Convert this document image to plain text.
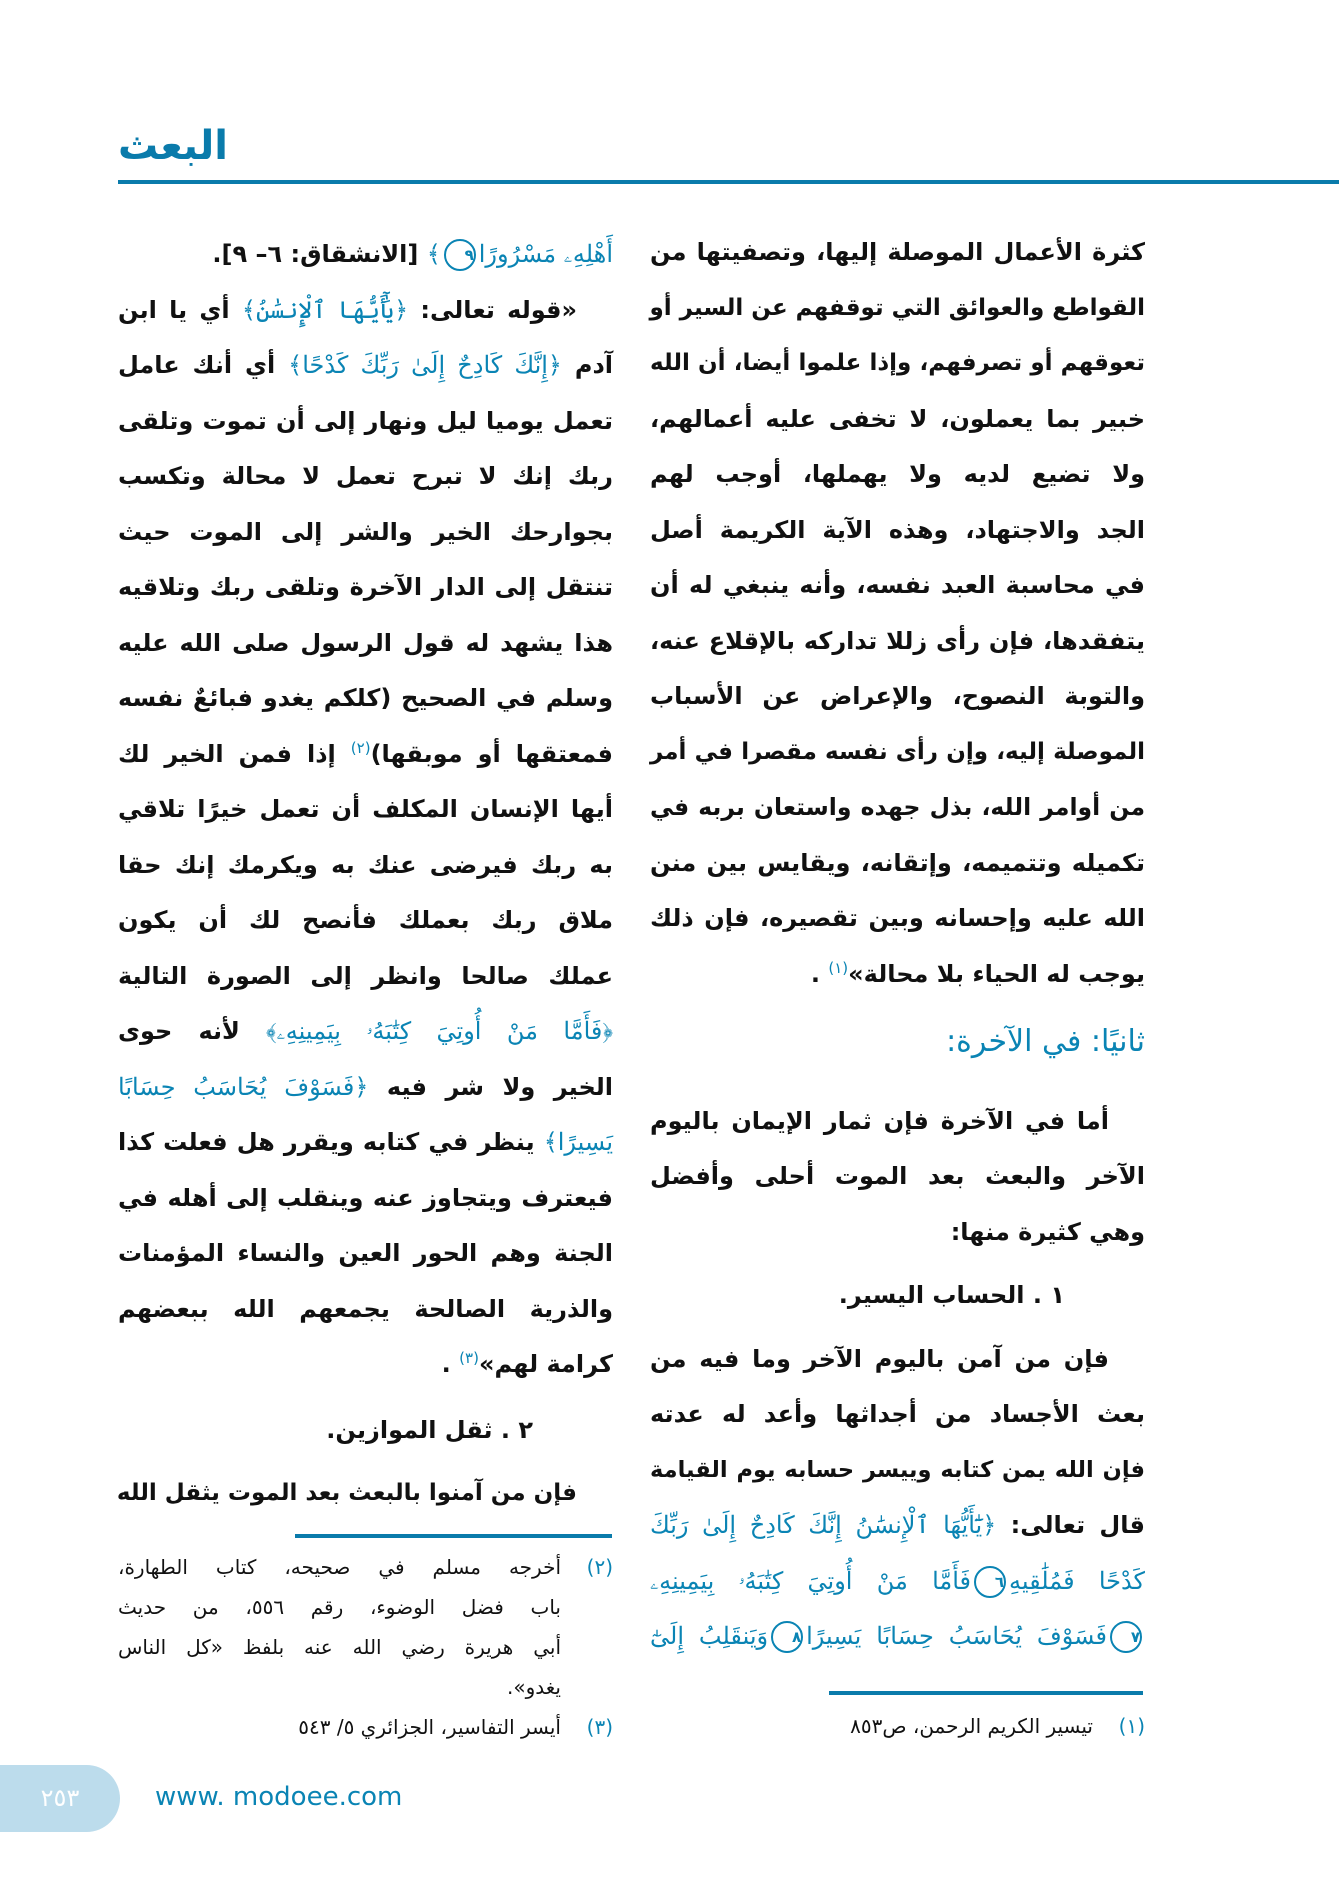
البعث
كثرة الأعمال الموصلة إليها، وتصفيتها من
القواطع والعوائق التي توقفهم عن السير أو
تعوقهم أو تصرفهم، وإذا علموا أيضا، أن الله
خبير بما يعملون، لا تخفى عليه أعمالهم،
ولا تضيع لديه ولا يهملها، أوجب لهم
الجد والاجتهاد، وهذه الآية الكريمة أصل
في محاسبة العبد نفسه، وأنه ينبغي له أن
يتفقدها، فإن رأى زللا تداركه بالإقلاع عنه،
والتوبة النصوح، والإعراض عن الأسباب
الموصلة إليه، وإن رأى نفسه مقصرا في أمر
من أوامر الله، بذل جهده واستعان بربه في
تكميله وتتميمه، وإتقانه، ويقايس بين منن
الله عليه وإحسانه وبين تقصيره، فإن ذلك
يوجب له الحياء بلا محالة»$^{(١)}$ .
ثانيًا: في الآخرة:
أما في الآخرة فإن ثمار الإيمان باليوم
الآخر والبعث بعد الموت أحلى وأفضل
وهي كثيرة منها:
١ . الحساب اليسير.
فإن من آمن باليوم الآخر وما فيه من
بعث الأجساد من أجداثها وأعد له عدته
فإن الله يمن كتابه وييسر حسابه يوم القيامة
قال تعالى: ﴿يَٰٓأَيُّهَا ٱلْإِنسَٰنُ إِنَّكَ كَادِحٌ إِلَىٰ رَبِّكَ
كَدْحًا فَمُلَٰقِيهِ٦فَأَمَّا مَنْ أُوتِيَ كِتَٰبَهُۥ بِيَمِينِهِۦ
٧فَسَوْفَ يُحَاسَبُ حِسَابًا يَسِيرًا٨وَيَنقَلِبُ إِلَىٰٓ
أَهْلِهِۦ مَسْرُورًا٩﴾ [الانشقاق: ٦– ٩].
«قوله تعالى: ﴿يَٰٓأَيُّهَا ٱلْإِنسَٰنُ﴾ أي يا ابن
آدم ﴿إِنَّكَ كَادِحٌ إِلَىٰ رَبِّكَ كَدْحًا﴾ أي أنك عامل
تعمل يوميا ليل ونهار إلى أن تموت وتلقى
ربك إنك لا تبرح تعمل لا محالة وتكسب
بجوارحك الخير والشر إلى الموت حيث
تنتقل إلى الدار الآخرة وتلقى ربك وتلاقيه
هذا يشهد له قول الرسول صلى الله عليه
وسلم في الصحيح (كلكم يغدو فبائعٌ نفسه
فمعتقها أو موبقها)$^{(٢)}$ إذا فمن الخير لك
أيها الإنسان المكلف أن تعمل خيرًا تلاقي
به ربك فيرضى عنك به ويكرمك إنك حقا
ملاق ربك بعملك فأنصح لك أن يكون
عملك صالحا وانظر إلى الصورة التالية
﴿فَأَمَّا مَنْ أُوتِيَ كِتَٰبَهُۥ بِيَمِينِهِۦ﴾ لأنه حوى
الخير ولا شر فيه ﴿فَسَوْفَ يُحَاسَبُ حِسَابًا
يَسِيرًا﴾ ينظر في كتابه ويقرر هل فعلت كذا
فيعترف ويتجاوز عنه وينقلب إلى أهله في
الجنة وهم الحور العين والنساء المؤمنات
والذرية الصالحة يجمعهم الله ببعضهم
كرامة لهم»$^{(٣)}$ .
٢ . ثقل الموازين.
فإن من آمنوا بالبعث بعد الموت يثقل الله
(١)
تيسير الكريم الرحمن، ص٨٥٣
(٢)
أخرجه مسلم في صحيحه، كتاب الطهارة،
باب فضل الوضوء، رقم ٥٥٦، من حديث
أبي هريرة رضي الله عنه بلفظ «كل الناس
يغدو».
(٣)
أيسر التفاسير، الجزائري ٥/ ٥٤٣
٢٥٣	www. modoee.com
